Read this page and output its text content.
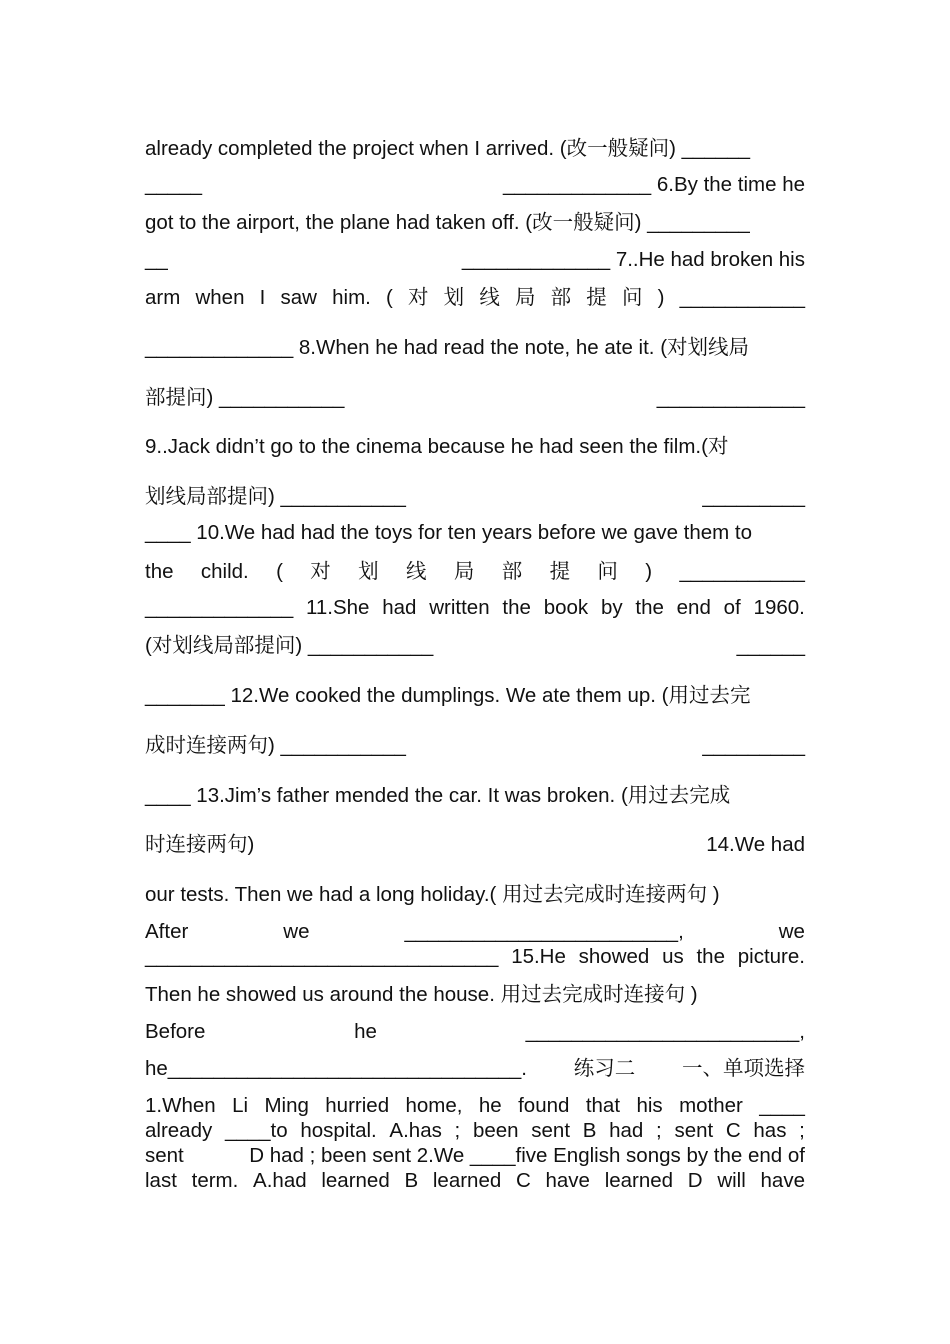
already completed the project when I arrived. (改一般疑问) ______
_____	_____________ 6.By the time he
got to the airport, the plane had taken off. (改一般疑问) _________
__	_____________ 7..He had broken his
arm when I saw him. ( 对 划 线 局 部 提 问 ) ___________
_____________ 8.When he had read the note, he ate it. (对划线局
部提问) ___________	_____________
9..Jack didn’t go to the cinema because he had seen the film.(对
划线局部提问) ___________	_________
____ 10.We had had the toys for ten years before we gave them to
the child. ( 对 划 线 局 部 提 问 ) ___________
_____________ 11.She had written the book by the end of 1960.
(对划线局部提问) ___________	______
_______ 12.We cooked the dumplings. We ate them up. (用过去完
成时连接两句) ___________	_________
____ 13.Jim’s father mended the car. It was broken. (用过去完成
时连接两句)	14.We had
our tests. Then we had a long holiday.( 用过去完成时连接两句 )
After	we	________________________,	we
_______________________________ 15.He showed us the picture.
Then he showed us around the house. 用过去完成时连接句 )
Before	he	________________________,
he_______________________________. 练习二 一、单项选择
1.When Li Ming hurried home, he found that his mother ____
already ____to hospital. A.has ; been sent B had ; sent C has ;
sent	D had ; been sent 2.We ____five English songs by the end of
last term. A.had learned B learned C have learned D will have
